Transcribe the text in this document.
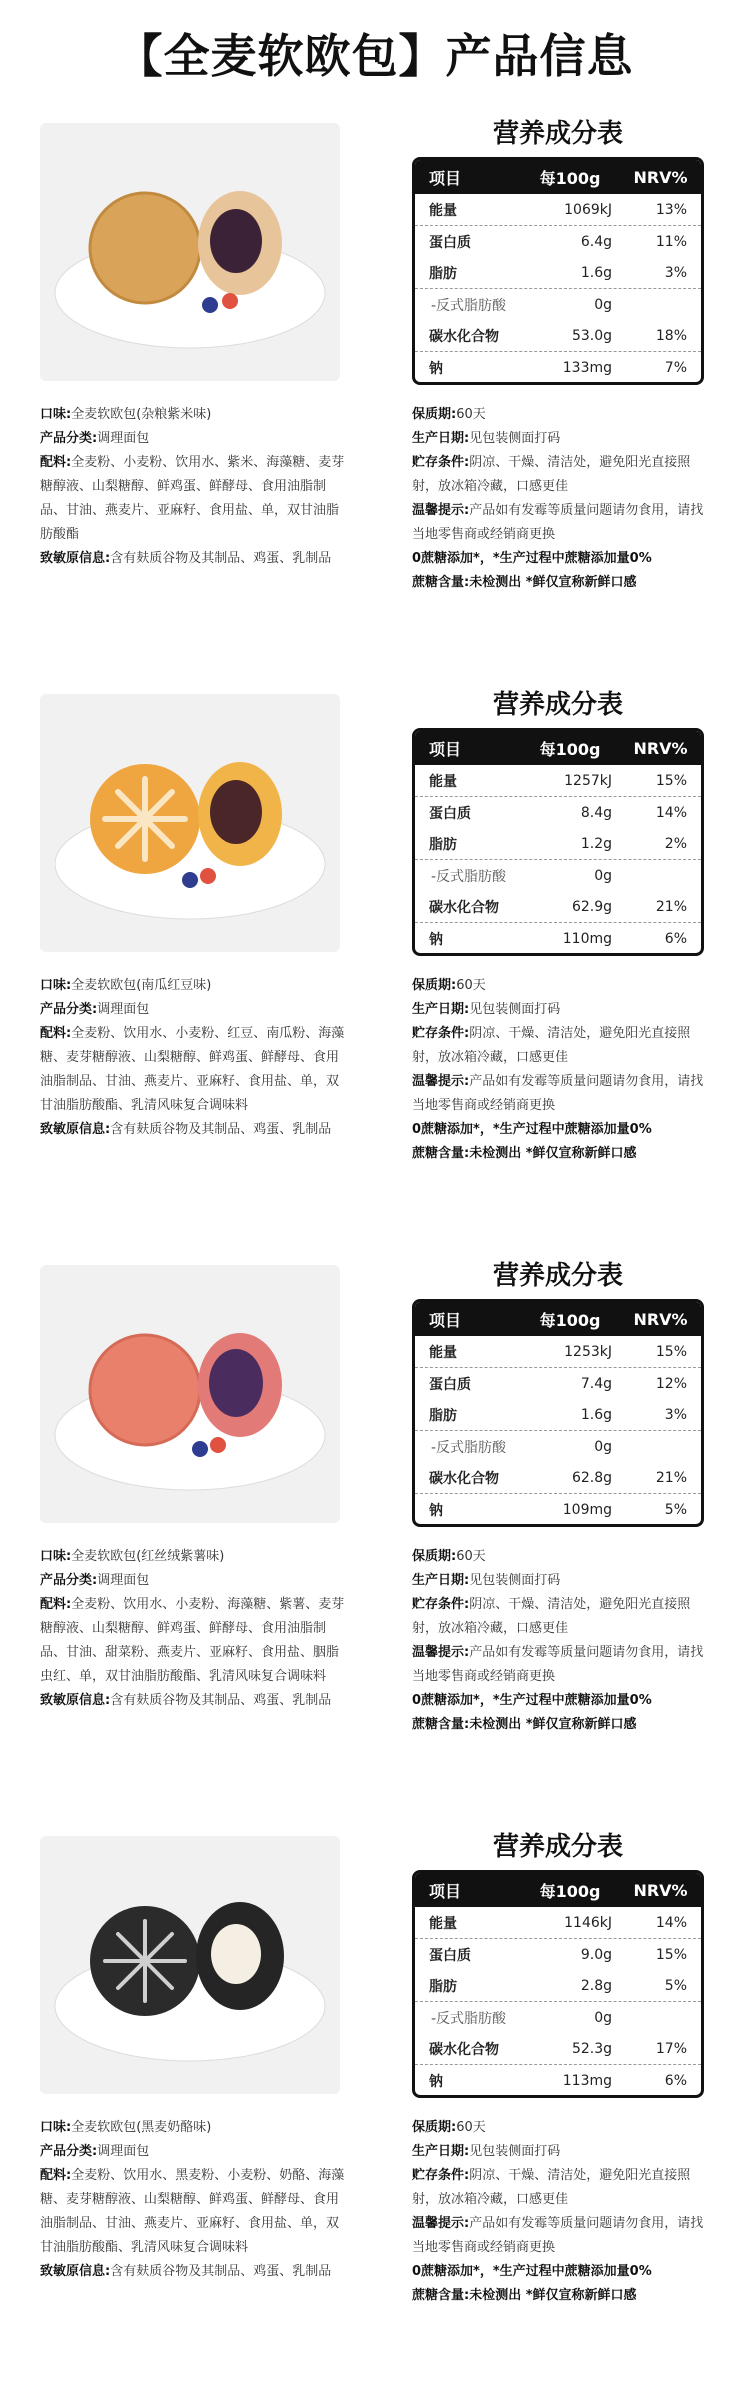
【全麦软欧包】产品信息
营养成分表
项目	每100g	NRV%
能量	1069kJ	13%
蛋白质	6.4g	11%
脂肪	1.6g	3%
-反式脂肪酸	0g
碳水化合物	53.0g	18%
钠	133mg	7%

口味:全麦软欧包(杂粮紫米味)

产品分类:调理面包

配料:全麦粉、小麦粉、饮用水、紫米、海藻糖、麦芽糖醇液、山梨糖醇、鲜鸡蛋、鲜酵母、食用油脂制品、甘油、燕麦片、亚麻籽、食用盐、单，双甘油脂肪酸酯

致敏原信息:含有麸质谷物及其制品、鸡蛋、乳制品

保质期:60天

生产日期:见包装侧面打码

贮存条件:阴凉、干燥、清洁处，避免阳光直接照射，放冰箱冷藏，口感更佳

温馨提示:产品如有发霉等质量问题请勿食用，请找当地零售商或经销商更换

0蔗糖添加*，*生产过程中蔗糖添加量0%

蔗糖含量:未检测出 *鲜仅宣称新鲜口感

营养成分表
项目	每100g	NRV%
能量	1257kJ	15%
蛋白质	8.4g	14%
脂肪	1.2g	2%
-反式脂肪酸	0g
碳水化合物	62.9g	21%
钠	110mg	6%

口味:全麦软欧包(南瓜红豆味)

产品分类:调理面包

配料:全麦粉、饮用水、小麦粉、红豆、南瓜粉、海藻糖、麦芽糖醇液、山梨糖醇、鲜鸡蛋、鲜酵母、食用油脂制品、甘油、燕麦片、亚麻籽、食用盐、单，双甘油脂肪酸酯、乳清风味复合调味料

致敏原信息:含有麸质谷物及其制品、鸡蛋、乳制品

保质期:60天

生产日期:见包装侧面打码

贮存条件:阴凉、干燥、清洁处，避免阳光直接照射，放冰箱冷藏，口感更佳

温馨提示:产品如有发霉等质量问题请勿食用，请找当地零售商或经销商更换

0蔗糖添加*，*生产过程中蔗糖添加量0%

蔗糖含量:未检测出 *鲜仅宣称新鲜口感

营养成分表
项目	每100g	NRV%
能量	1253kJ	15%
蛋白质	7.4g	12%
脂肪	1.6g	3%
-反式脂肪酸	0g
碳水化合物	62.8g	21%
钠	109mg	5%

口味:全麦软欧包(红丝绒紫薯味)

产品分类:调理面包

配料:全麦粉、饮用水、小麦粉、海藻糖、紫薯、麦芽糖醇液、山梨糖醇、鲜鸡蛋、鲜酵母、食用油脂制品、甘油、甜菜粉、燕麦片、亚麻籽、食用盐、胭脂虫红、单，双甘油脂肪酸酯、乳清风味复合调味料

致敏原信息:含有麸质谷物及其制品、鸡蛋、乳制品

保质期:60天

生产日期:见包装侧面打码

贮存条件:阴凉、干燥、清洁处，避免阳光直接照射，放冰箱冷藏，口感更佳

温馨提示:产品如有发霉等质量问题请勿食用，请找当地零售商或经销商更换

0蔗糖添加*，*生产过程中蔗糖添加量0%

蔗糖含量:未检测出 *鲜仅宣称新鲜口感

营养成分表
项目	每100g	NRV%
能量	1146kJ	14%
蛋白质	9.0g	15%
脂肪	2.8g	5%
-反式脂肪酸	0g
碳水化合物	52.3g	17%
钠	113mg	6%

口味:全麦软欧包(黑麦奶酪味)

产品分类:调理面包

配料:全麦粉、饮用水、黑麦粉、小麦粉、奶酪、海藻糖、麦芽糖醇液、山梨糖醇、鲜鸡蛋、鲜酵母、食用油脂制品、甘油、燕麦片、亚麻籽、食用盐、单，双甘油脂肪酸酯、乳清风味复合调味料

致敏原信息:含有麸质谷物及其制品、鸡蛋、乳制品

保质期:60天

生产日期:见包装侧面打码

贮存条件:阴凉、干燥、清洁处，避免阳光直接照射，放冰箱冷藏，口感更佳

温馨提示:产品如有发霉等质量问题请勿食用，请找当地零售商或经销商更换

0蔗糖添加*，*生产过程中蔗糖添加量0%

蔗糖含量:未检测出 *鲜仅宣称新鲜口感
